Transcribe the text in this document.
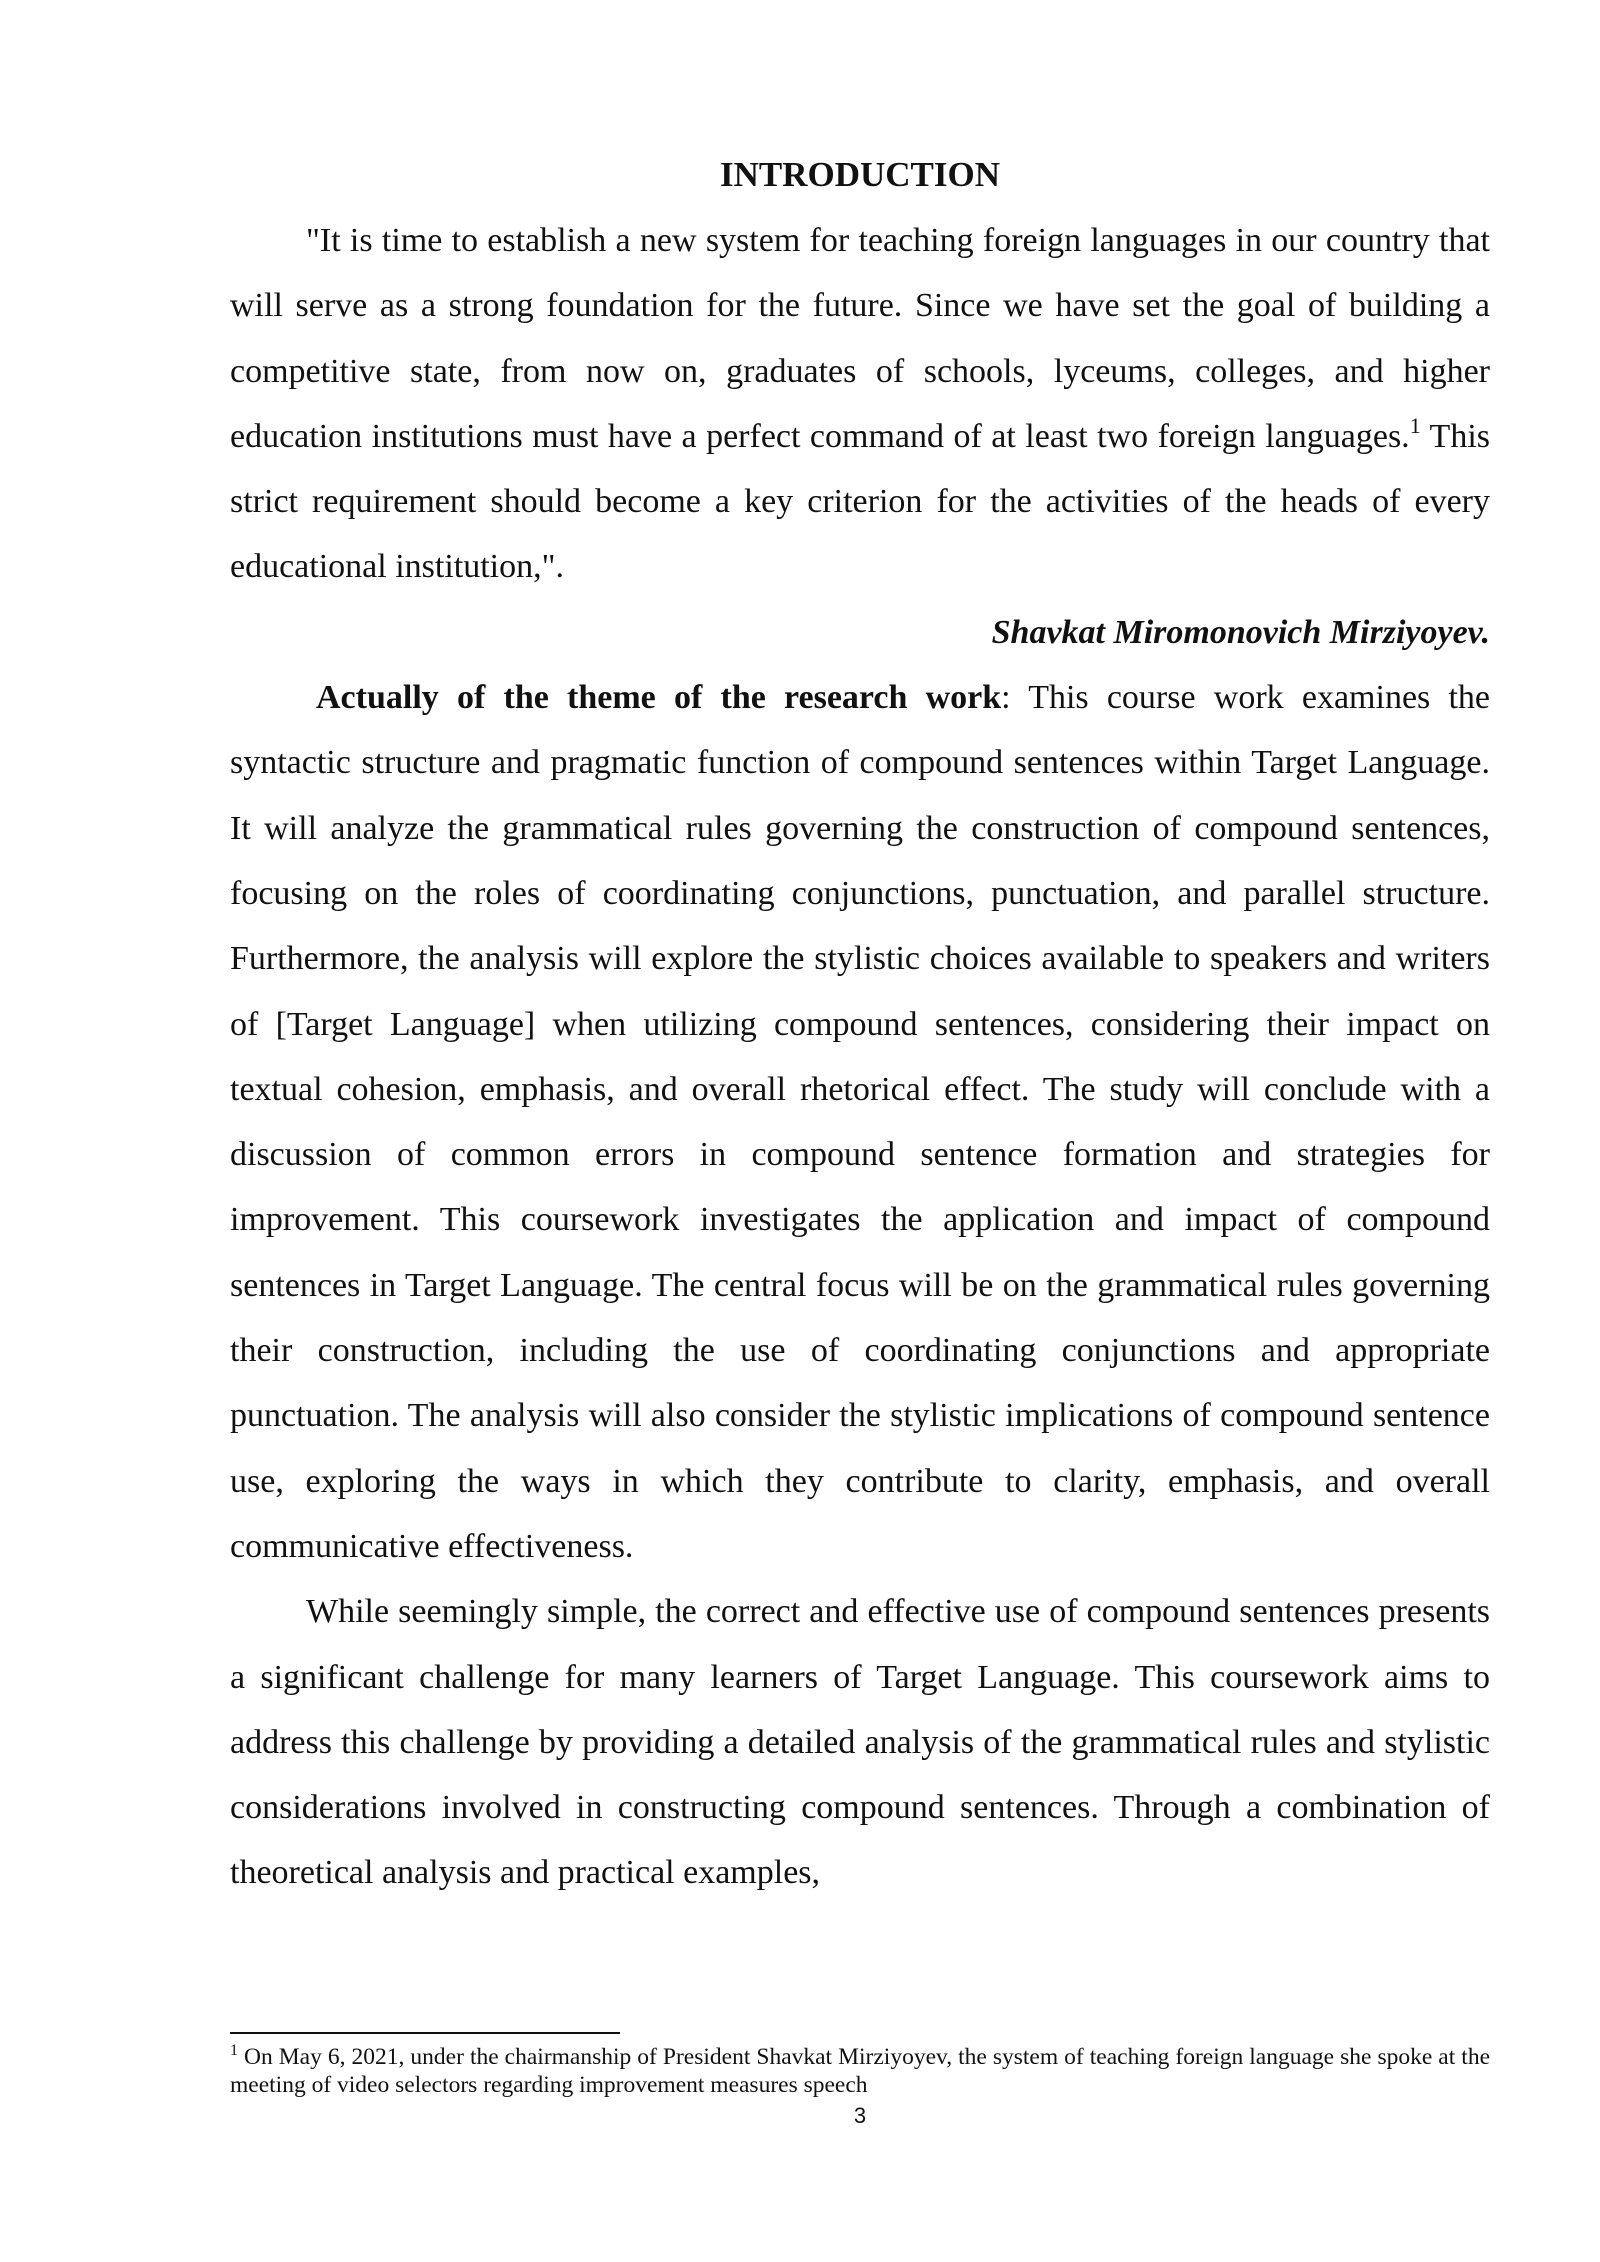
INTRODUCTION

"It is time to establish a new system for teaching foreign languages in our country that will serve as a strong foundation for the future. Since we have set the goal of building a competitive state, from now on, graduates of schools, lyceums, colleges, and higher education institutions must have a perfect command of at least two foreign languages.$^1$ This strict requirement should become a key criterion for the activities of the heads of every educational institution,".

Shavkat Miromonovich Mirziyoyev.

Actually of the theme of the research work: This course work examines the syntactic structure and pragmatic function of compound sentences within Target Language. It will analyze the grammatical rules governing the construction of compound sentences, focusing on the roles of coordinating conjunctions, punctuation, and parallel structure. Furthermore, the analysis will explore the stylistic choices available to speakers and writers of [Target Language] when utilizing compound sentences, considering their impact on textual cohesion, emphasis, and overall rhetorical effect. The study will conclude with a discussion of common errors in compound sentence formation and strategies for improvement. This coursework investigates the application and impact of compound sentences in Target Language. The central focus will be on the grammatical rules governing their construction, including the use of coordinating conjunctions and appropriate punctuation. The analysis will also consider the stylistic implications of compound sentence use, exploring the ways in which they contribute to clarity, emphasis, and overall communicative effectiveness.

While seemingly simple, the correct and effective use of compound sentences presents a significant challenge for many learners of Target Language. This coursework aims to address this challenge by providing a detailed analysis of the grammatical rules and stylistic considerations involved in constructing compound sentences. Through a combination of theoretical analysis and practical examples,

$^1$ On May 6, 2021, under the chairmanship of President Shavkat Mirziyoyev, the system of teaching foreign language she spoke at the meeting of video selectors regarding improvement measures speech

3
